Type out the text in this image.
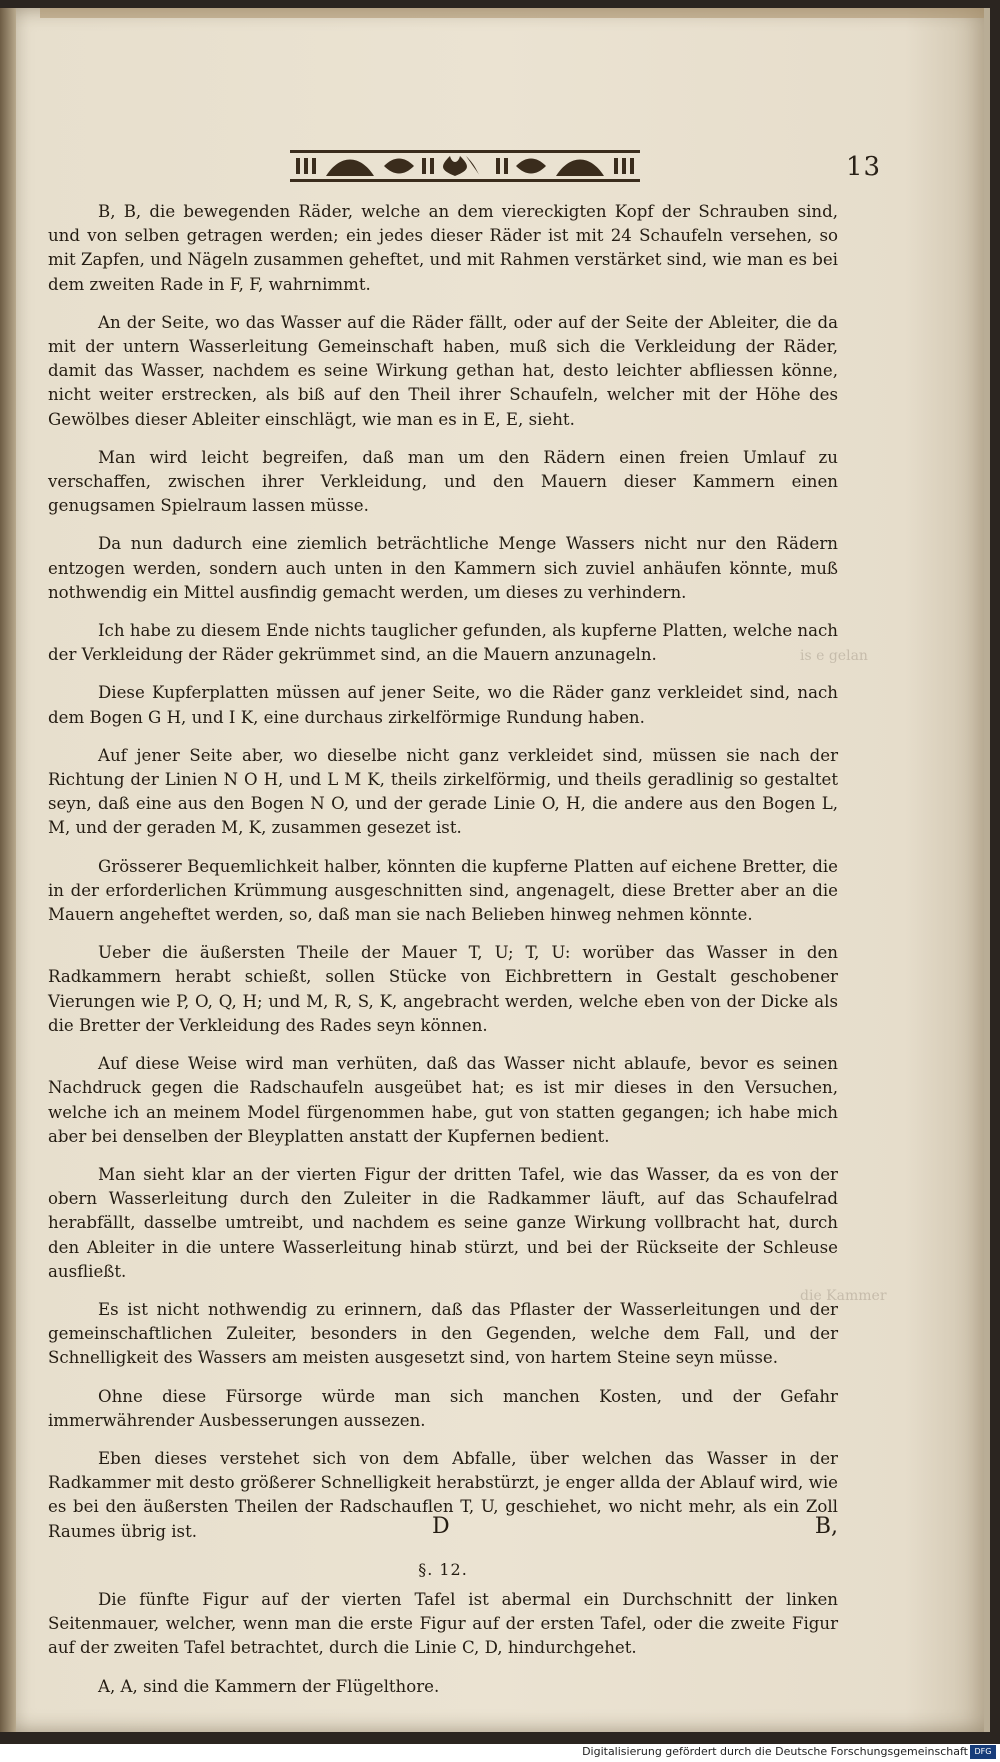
is e gelan
die Kammer
13

B, B, die bewegenden Räder, welche an dem viereckigten Kopf der Schrauben sind, und von selben getragen werden; ein jedes dieser Räder ist mit 24 Schaufeln versehen, so mit Zapfen, und Nägeln zusammen geheftet, und mit Rahmen verstärket sind, wie man es bei dem zweiten Rade in F, F, wahrnimmt.

An der Seite, wo das Wasser auf die Räder fällt, oder auf der Seite der Ableiter, die da mit der untern Wasserleitung Gemeinschaft haben, muß sich die Verkleidung der Räder, damit das Wasser, nachdem es seine Wirkung gethan hat, desto leichter abfliessen könne, nicht weiter erstrecken, als biß auf den Theil ihrer Schaufeln, welcher mit der Höhe des Gewölbes dieser Ableiter einschlägt, wie man es in E, E, sieht.

Man wird leicht begreifen, daß man um den Rädern einen freien Umlauf zu verschaffen, zwischen ihrer Verkleidung, und den Mauern dieser Kammern einen genugsamen Spielraum lassen müsse.

Da nun dadurch eine ziemlich beträchtliche Menge Wassers nicht nur den Rädern entzogen werden, sondern auch unten in den Kammern sich zuviel anhäufen könnte, muß nothwendig ein Mittel ausfindig gemacht werden, um dieses zu verhindern.

Ich habe zu diesem Ende nichts tauglicher gefunden, als kupferne Platten, welche nach der Verkleidung der Räder gekrümmet sind, an die Mauern anzunageln.

Diese Kupferplatten müssen auf jener Seite, wo die Räder ganz verkleidet sind, nach dem Bogen G H, und I K, eine durchaus zirkelförmige Rundung haben.

Auf jener Seite aber, wo dieselbe nicht ganz verkleidet sind, müssen sie nach der Richtung der Linien N O H, und L M K, theils zirkelförmig, und theils geradlinig so gestaltet seyn, daß eine aus den Bogen N O, und der gerade Linie O, H, die andere aus den Bogen L, M, und der geraden M, K, zusammen gesezet ist.

Grösserer Bequemlichkeit halber, könnten die kupferne Platten auf eichene Bretter, die in der erforderlichen Krümmung ausgeschnitten sind, angenagelt, diese Bretter aber an die Mauern angeheftet werden, so, daß man sie nach Belieben hinweg nehmen könnte.

Ueber die äußersten Theile der Mauer T, U; T, U: worüber das Wasser in den Radkammern herabt schießt, sollen Stücke von Eichbrettern in Gestalt geschobener Vierungen wie P, O, Q, H; und M, R, S, K, angebracht werden, welche eben von der Dicke als die Bretter der Verkleidung des Rades seyn können.

Auf diese Weise wird man verhüten, daß das Wasser nicht ablaufe, bevor es seinen Nachdruck gegen die Radschaufeln ausgeübet hat; es ist mir dieses in den Versuchen, welche ich an meinem Model fürgenommen habe, gut von statten gegangen; ich habe mich aber bei denselben der Bleyplatten anstatt der Kupfernen bedient.

Man sieht klar an der vierten Figur der dritten Tafel, wie das Wasser, da es von der obern Wasserleitung durch den Zuleiter in die Radkammer läuft, auf das Schaufelrad herabfällt, dasselbe umtreibt, und nachdem es seine ganze Wirkung vollbracht hat, durch den Ableiter in die untere Wasserleitung hinab stürzt, und bei der Rückseite der Schleuse ausfließt.

Es ist nicht nothwendig zu erinnern, daß das Pflaster der Wasserleitungen und der gemeinschaftlichen Zuleiter, besonders in den Gegenden, welche dem Fall, und der Schnelligkeit des Wassers am meisten ausgesetzt sind, von hartem Steine seyn müsse.

Ohne diese Fürsorge würde man sich manchen Kosten, und der Gefahr immerwährender Ausbesserungen aussezen.

Eben dieses verstehet sich von dem Abfalle, über welchen das Wasser in der Radkammer mit desto größerer Schnelligkeit herabstürzt, je enger allda der Ablauf wird, wie es bei den äußersten Theilen der Radschauflen T, U, geschiehet, wo nicht mehr, als ein Zoll Raumes übrig ist.

§. 12.

Die fünfte Figur auf der vierten Tafel ist abermal ein Durchschnitt der linken Seitenmauer, welcher, wenn man die erste Figur auf der ersten Tafel, oder die zweite Figur auf der zweiten Tafel betrachtet, durch die Linie C, D, hindurchgehet.

A, A, sind die Kammern der Flügelthore.

D	B,
Digitalisierung gefördert durch die Deutsche Forschungsgemeinschaft DFG
